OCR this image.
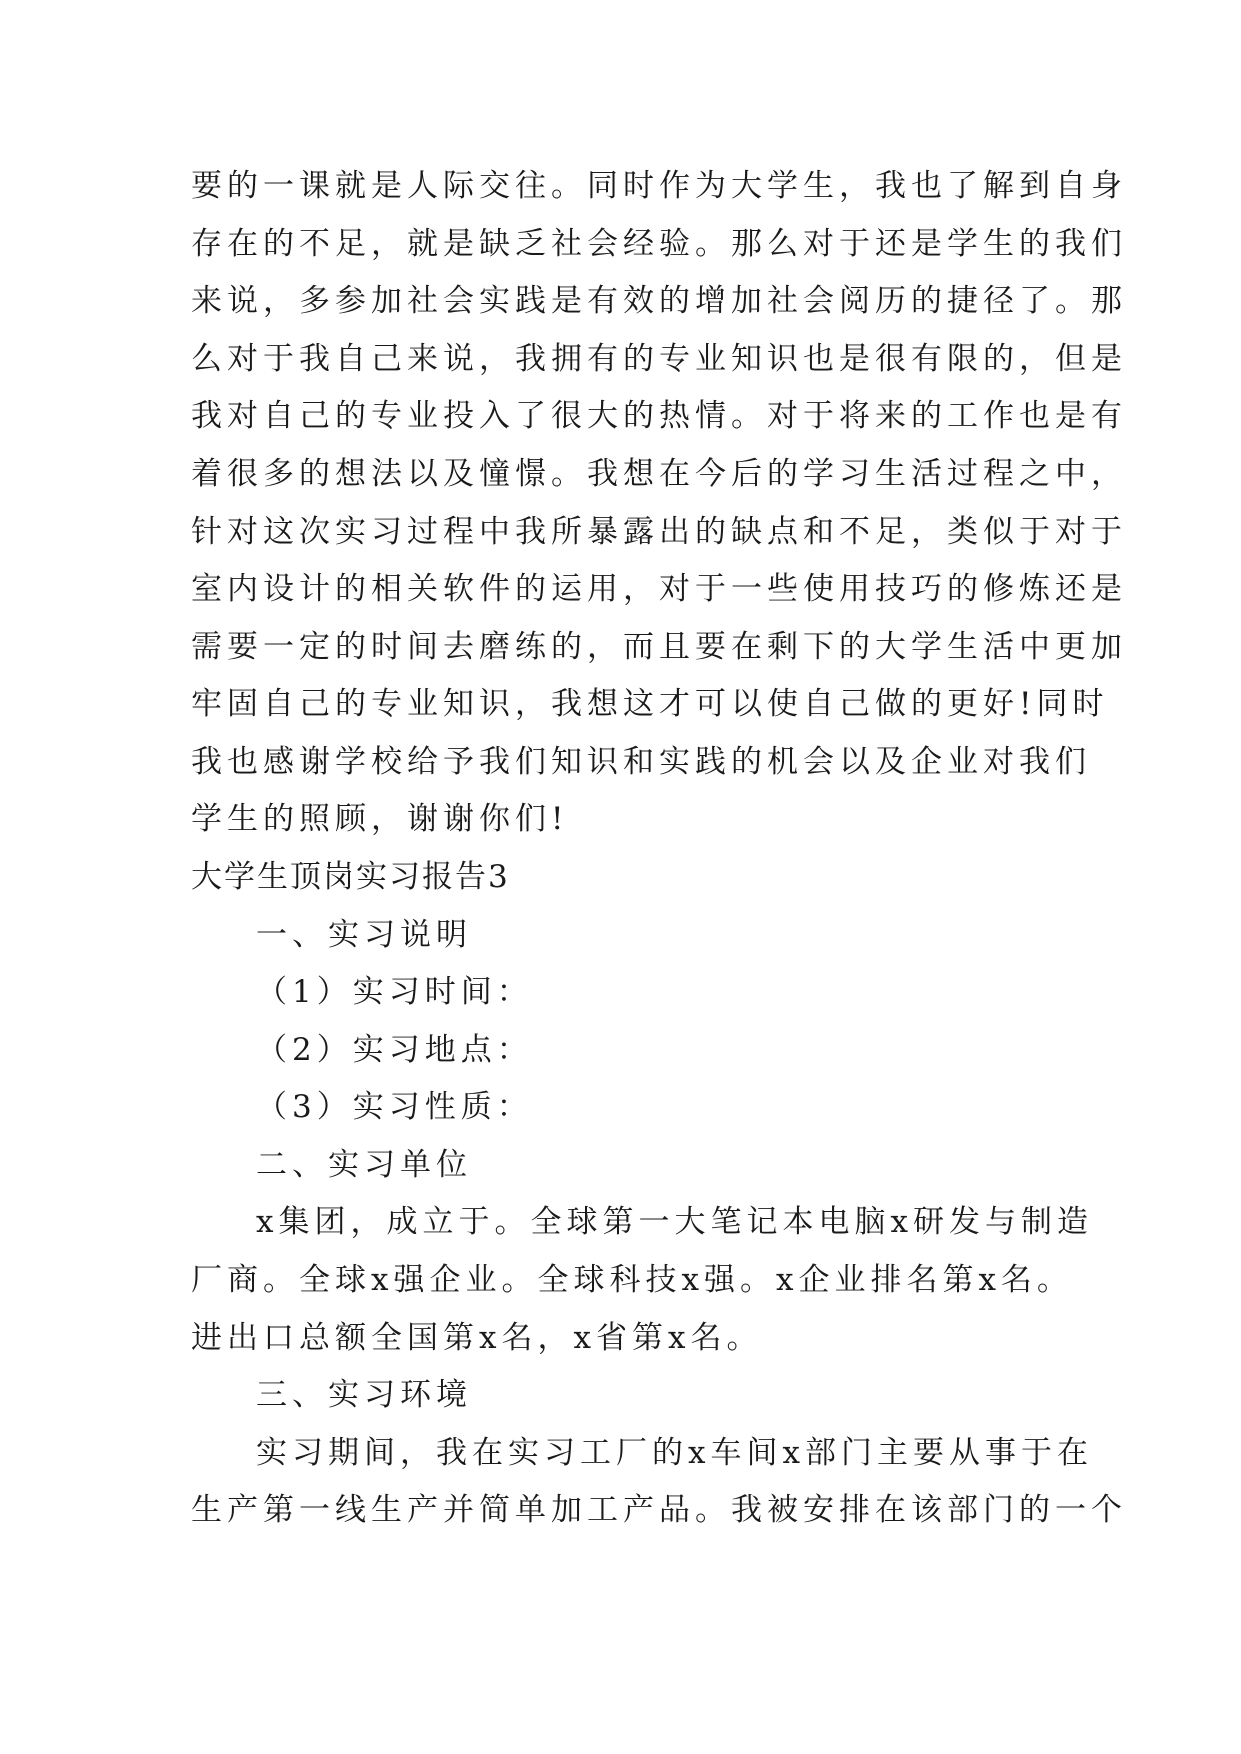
要的一课就是人际交往。同时作为大学生，我也了解到自身
存在的不足，就是缺乏社会经验。那么对于还是学生的我们
来说，多参加社会实践是有效的增加社会阅历的捷径了。那
么对于我自己来说，我拥有的专业知识也是很有限的，但是
我对自己的专业投入了很大的热情。对于将来的工作也是有
着很多的想法以及憧憬。我想在今后的学习生活过程之中，
针对这次实习过程中我所暴露出的缺点和不足，类似于对于
室内设计的相关软件的运用，对于一些使用技巧的修炼还是
需要一定的时间去磨练的，而且要在剩下的大学生活中更加
牢固自己的专业知识，我想这才可以使自己做的更好!同时
我也感谢学校给予我们知识和实践的机会以及企业对我们
学生的照顾，谢谢你们!
大学生顶岗实习报告3
一、实习说明
（1）实习时间：
（2）实习地点：
（3）实习性质：
二、实习单位
x集团，成立于。全球第一大笔记本电脑x研发与制造
厂商。全球x强企业。全球科技x强。x企业排名第x名。
进出口总额全国第x名，x省第x名。
三、实习环境
实习期间，我在实习工厂的x车间x部门主要从事于在
生产第一线生产并简单加工产品。我被安排在该部门的一个
